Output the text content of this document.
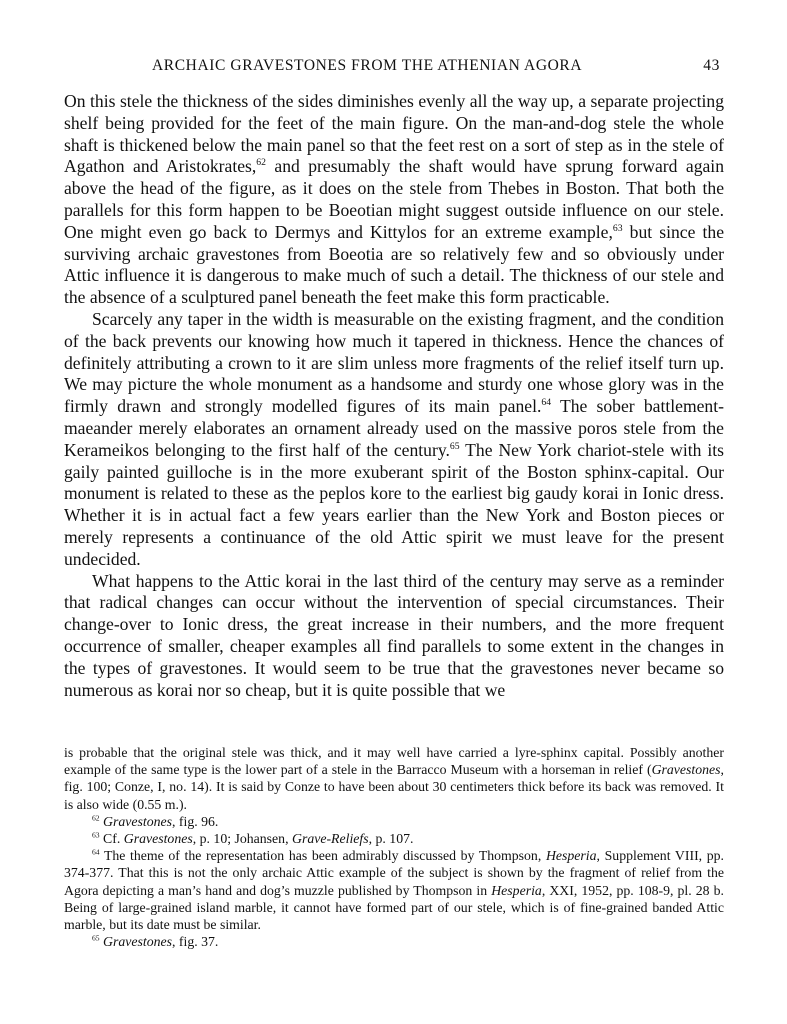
ARCHAIC GRAVESTONES FROM THE ATHENIAN AGORA	43

On this stele the thickness of the sides diminishes evenly all the way up, a separate projecting shelf being provided for the feet of the main figure. On the man-and-dog stele the whole shaft is thickened below the main panel so that the feet rest on a sort of step as in the stele of Agathon and Aristokrates,$^{62}$ and presumably the shaft would have sprung forward again above the head of the figure, as it does on the stele from Thebes in Boston. That both the parallels for this form happen to be Boeotian might suggest outside influence on our stele. One might even go back to Dermys and Kittylos for an extreme example,$^{63}$ but since the surviving archaic gravestones from Boeotia are so relatively few and so obviously under Attic influence it is dangerous to make much of such a detail. The thickness of our stele and the absence of a sculptured panel beneath the feet make this form practicable.

Scarcely any taper in the width is measurable on the existing fragment, and the condition of the back prevents our knowing how much it tapered in thickness. Hence the chances of definitely attributing a crown to it are slim unless more fragments of the relief itself turn up. We may picture the whole monument as a handsome and sturdy one whose glory was in the firmly drawn and strongly modelled figures of its main panel.$^{64}$ The sober battlement-maeander merely elaborates an ornament already used on the massive poros stele from the Kerameikos belonging to the first half of the century.$^{65}$ The New York chariot-stele with its gaily painted guilloche is in the more exuberant spirit of the Boston sphinx-capital. Our monument is related to these as the peplos kore to the earliest big gaudy korai in Ionic dress. Whether it is in actual fact a few years earlier than the New York and Boston pieces or merely represents a continuance of the old Attic spirit we must leave for the present undecided.

What happens to the Attic korai in the last third of the century may serve as a reminder that radical changes can occur without the intervention of special circumstances. Their change-over to Ionic dress, the great increase in their numbers, and the more frequent occurrence of smaller, cheaper examples all find parallels to some extent in the changes in the types of gravestones. It would seem to be true that the gravestones never became so numerous as korai nor so cheap, but it is quite possible that we

is probable that the original stele was thick, and it may well have carried a lyre-sphinx capital. Possibly another example of the same type is the lower part of a stele in the Barracco Museum with a horseman in relief (Gravestones, fig. 100; Conze, I, no. 14). It is said by Conze to have been about 30 centimeters thick before its back was removed. It is also wide (0.55 m.).

$^{62}$ Gravestones, fig. 96.

$^{63}$ Cf. Gravestones, p. 10; Johansen, Grave-Reliefs, p. 107.

$^{64}$ The theme of the representation has been admirably discussed by Thompson, Hesperia, Supplement VIII, pp. 374-377. That this is not the only archaic Attic example of the subject is shown by the fragment of relief from the Agora depicting a man’s hand and dog’s muzzle published by Thompson in Hesperia, XXI, 1952, pp. 108-9, pl. 28 b. Being of large-grained island marble, it cannot have formed part of our stele, which is of fine-grained banded Attic marble, but its date must be similar.

$^{65}$ Gravestones, fig. 37.
